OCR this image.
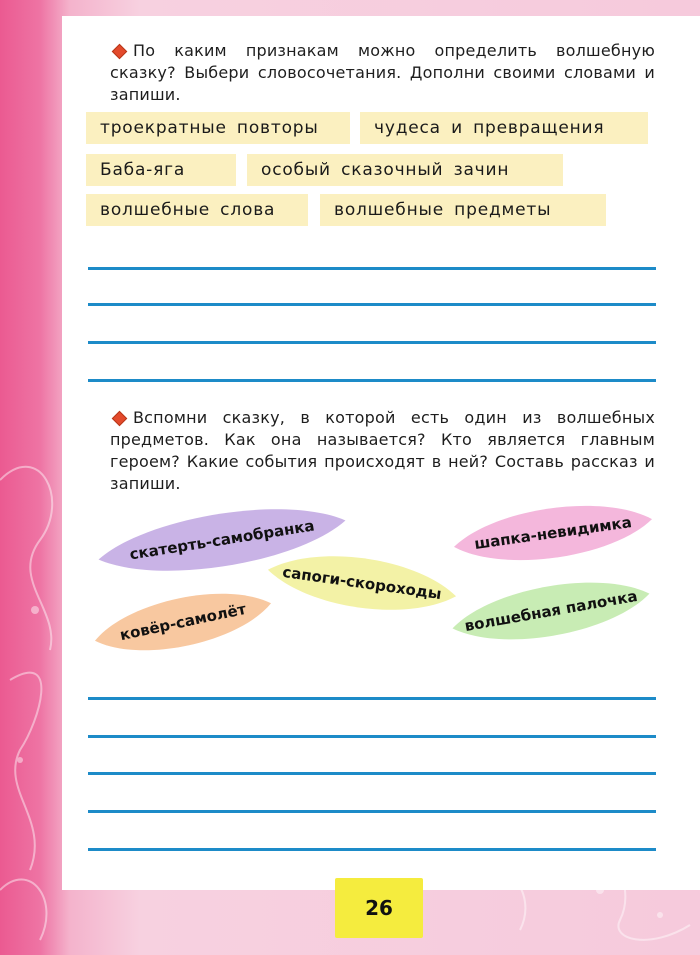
По каким признакам можно определить волшебную сказку? Выбери словосочетания. Дополни своими словами и запиши.
троекратные повторы	чудеса и превращения
Баба-яга	особый сказочный зачин
волшебные слова	волшебные предметы
Вспомни сказку, в которой есть один из волшебных предметов. Как она называется? Кто является главным героем? Какие события происходят в ней? Составь рассказ и запиши.
скатерть-самобранка	шапка-невидимка
сапоги-скороходы
ковёр-самолёт	волшебная палочка
26
